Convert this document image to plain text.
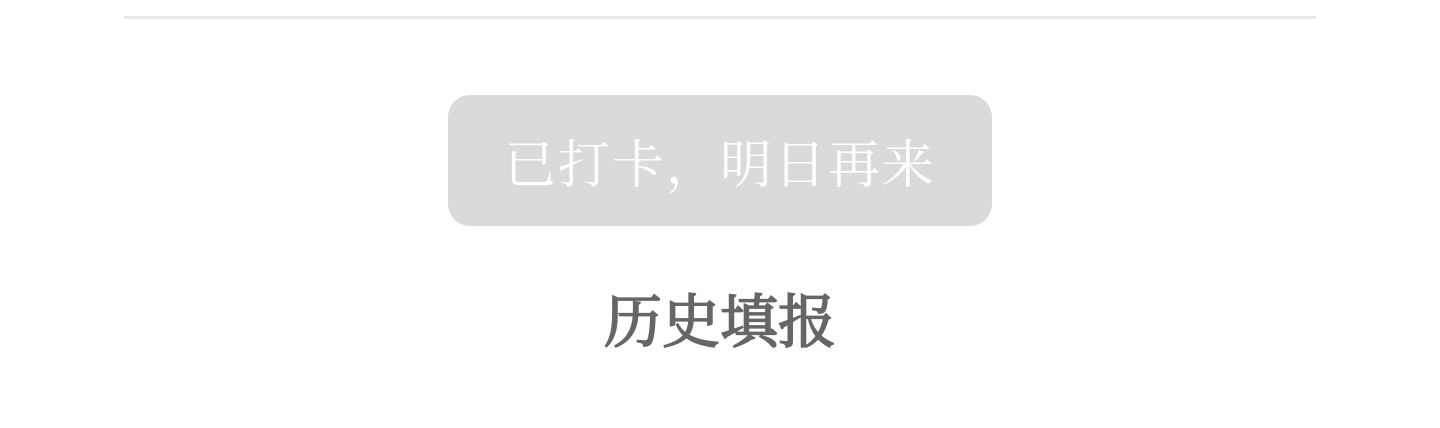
已打卡，明日再来
历史填报
